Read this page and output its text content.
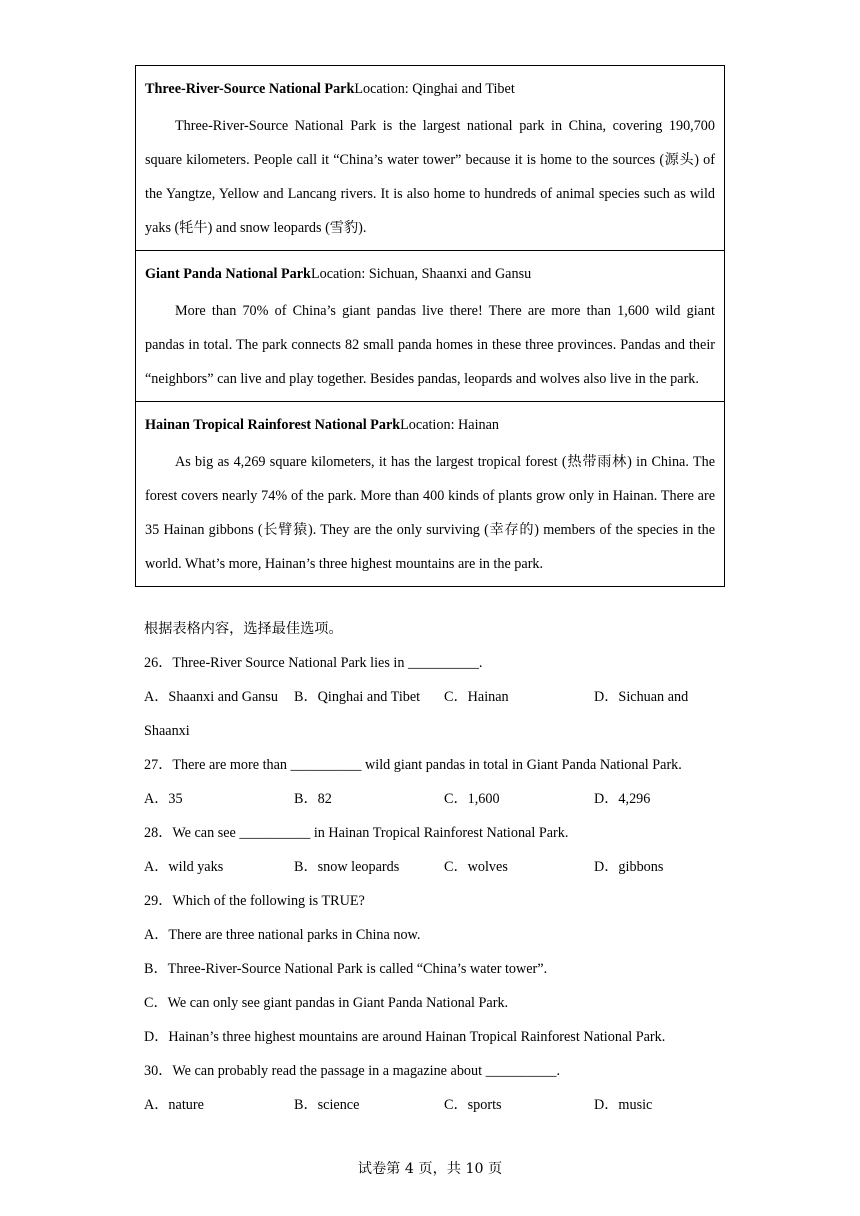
Three-River-Source National ParkLocation: Qinghai and Tibet
Three-River-Source National Park is the largest national park in China, covering 190,700 square kilometers. People call it “China’s water tower” because it is home to the sources (源头) of the Yangtze, Yellow and Lancang rivers. It is also home to hundreds of animal species such as wild yaks (牦牛) and snow leopards (雪豹).
Giant Panda National ParkLocation: Sichuan, Shaanxi and Gansu
More than 70% of China’s giant pandas live there! There are more than 1,600 wild giant pandas in total. The park connects 82 small panda homes in these three provinces. Pandas and their “neighbors” can live and play together. Besides pandas, leopards and wolves also live in the park.
Hainan Tropical Rainforest National ParkLocation: Hainan
As big as 4,269 square kilometers, it has the largest tropical forest (热带雨林) in China. The forest covers nearly 74% of the park. More than 400 kinds of plants grow only in Hainan. There are 35 Hainan gibbons (长臂猿). They are the only surviving (幸存的) members of the species in the world. What’s more, Hainan’s three highest mountains are in the park.
根据表格内容，选择最佳选项。
26．Three-River Source National Park lies in __________.
A．Shaanxi and Gansu B．Qinghai and Tibet C．Hainan	D．Sichuan and
Shaanxi
27．There are more than __________ wild giant pandas in total in Giant Panda National Park.
A．35	B．82	C．1,600	D．4,296
28．We can see __________ in Hainan Tropical Rainforest National Park.
A．wild yaks	B．snow leopards	C．wolves	D．gibbons
29．Which of the following is TRUE?
A．There are three national parks in China now.
B．Three-River-Source National Park is called “China’s water tower”.
C．We can only see giant pandas in Giant Panda National Park.
D．Hainan’s three highest mountains are around Hainan Tropical Rainforest National Park.
30．We can probably read the passage in a magazine about __________.
A．nature	B．science	C．sports	D．music
试卷第 4 页，共 10 页
